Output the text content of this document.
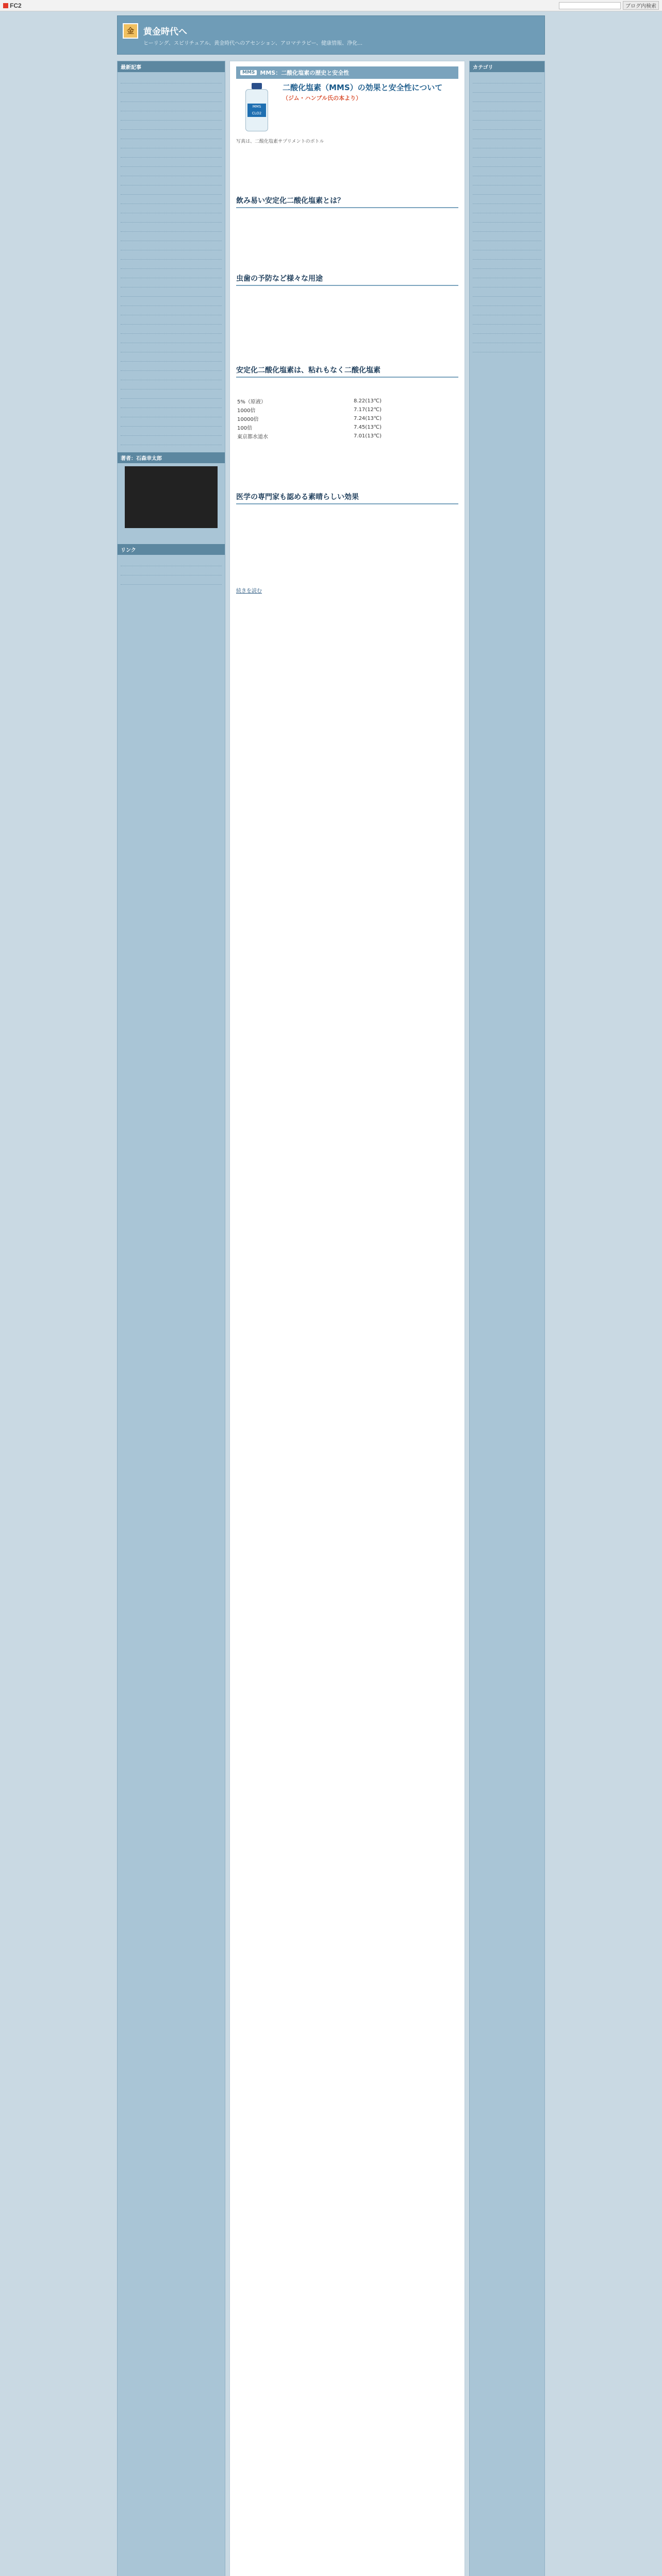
FC2	ブログ内検索
金	黄金時代へ
ヒーリング、スピリチュアル、黄金時代へのアセンション、アロマテラピー、健康情報、浄化…
最新記事

著者：石森幸太郎

リンク

MMS MMS：二酸化塩素の歴史と安全性
MMS
CLO2
二酸化塩素（MMS）の効果と安全性について
（ジム・ハンブル氏の本より）
写真は、二酸化塩素サプリメントのボトル

飲み易い安定化二酸化塩素とは？

虫歯の予防など様々な用途

安定化二酸化塩素は、粘れもなく二酸化塩素

5%（原液）	8.22(13℃)
1000倍	7.17(12℃)
10000倍	7.24(13℃)
100倍	7.45(13℃)
東京都水道水	7.01(13℃)

医学の専門家も認める素晴らしい効果

続きを読む
カテゴリ
